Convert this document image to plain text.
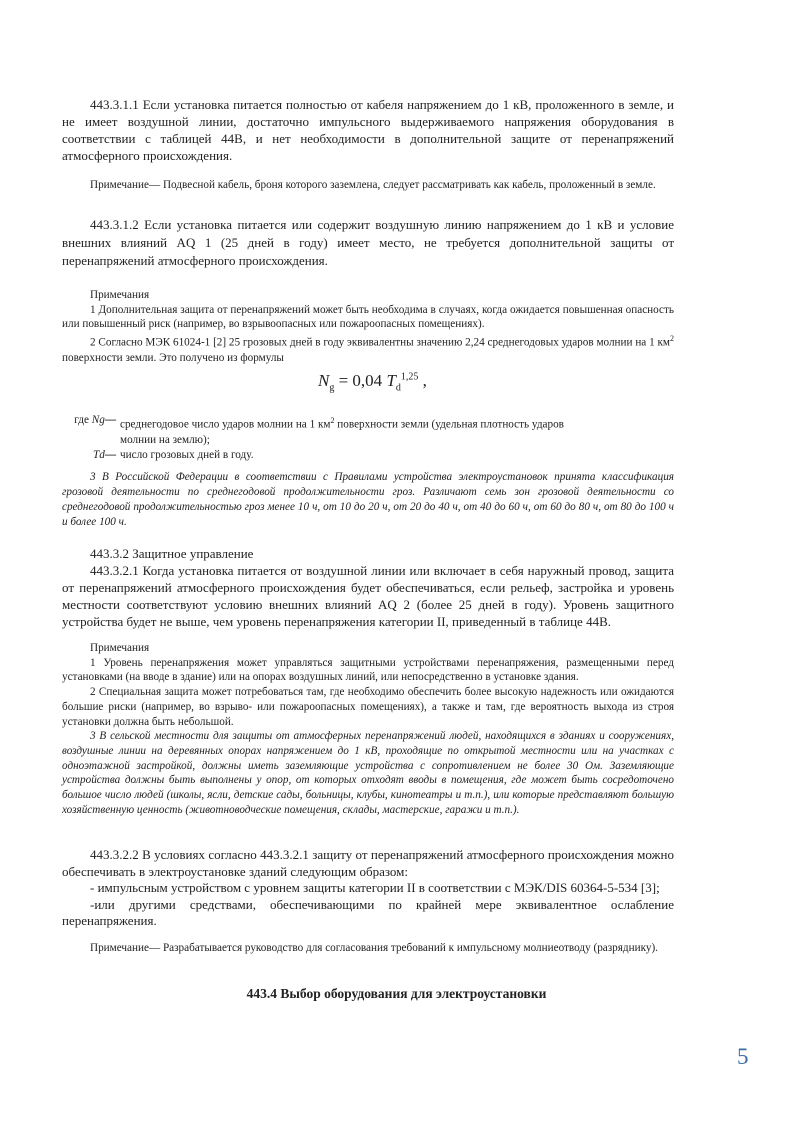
443.3.1.1 Если установка питается полностью от кабеля напряжением до 1 кВ, проложенного в земле, и не имеет воздушной линии, достаточно импульсного выдерживаемого напряжения оборудования в соответствии с таблицей 44В, и нет необходимости в дополнительной защите от перенапряжений атмосферного происхождения.
Примечание— Подвесной кабель, броня которого заземлена, следует рассматривать как кабель, проложенный в земле.
443.3.1.2 Если установка питается или содержит воздушную линию напряжением до 1 кВ и условие внешних влияний AQ 1 (25 дней в году) имеет место, не требуется дополнительной защиты от перенапряжений атмосферного происхождения.
Примечания
1 Дополнительная защита от перенапряжений может быть необходима в случаях, когда ожидается повышенная опасность или повышенный риск (например, во взрывоопасных или пожароопасных помещениях).
2 Согласно МЭК 61024-1 [2] 25 грозовых дней в году эквивалентны значению 2,24 среднегодовых ударов молнии на 1 $км^2$ поверхности земли. Это получено из формулы
$N_g = 0,04$ $T_d^{1,25}$ ,
где Ng— среднегодовое число ударов молнии на 1 $км^2$ поверхности земли (удельная плотность ударов
молнии на землю);
Td— число грозовых дней в году.
3 В Российской Федерации в соответствии с Правилами устройства электроустановок принята классификация грозовой деятельности по среднегодовой продолжительности гроз. Различают семь зон грозовой деятельности со среднегодовой продолжительностью гроз менее 10 ч, от 10 до 20 ч, от 20 до 40 ч, от 40 до 60 ч, от 60 до 80 ч, от 80 до 100 ч и более 100 ч.
443.3.2 Защитное управление
443.3.2.1 Когда установка питается от воздушной линии или включает в себя наружный провод, защита от перенапряжений атмосферного происхождения будет обеспечиваться, если рельеф, застройка и уровень местности соответствуют условию внешних влияний AQ 2 (более 25 дней в году). Уровень защитного устройства будет не выше, чем уровень перенапряжения категории II, приведенный в таблице 44В.
Примечания
1 Уровень перенапряжения может управляться защитными устройствами перенапряжения, размещенными перед установками (на вводе в здание) или на опорах воздушных линий, или непосредственно в установке здания.
2 Специальная защита может потребоваться там, где необходимо обеспечить более высокую надежность или ожидаются большие риски (например, во взрыво- или пожароопасных помещениях), а также и там, где вероятность выхода из строя установки должна быть небольшой.
3 В сельской местности для защиты от атмосферных перенапряжений людей, находящихся в зданиях и сооружениях, воздушные линии на деревянных опорах напряжением до 1 кВ, проходящие по открытой местности или на участках с одноэтажной застройкой, должны иметь заземляющие устройства с сопротивлением не более 30 Ом. Заземляющие устройства должны быть выполнены у опор, от которых отходят вводы в помещения, где может быть сосредоточено большое число людей (школы, ясли, детские сады, больницы, клубы, кинотеатры и т.п.), или которые представляют большую хозяйственную ценность (животноводческие помещения, склады, мастерские, гаражи и т.п.).
443.3.2.2 В условиях согласно 443.3.2.1 защиту от перенапряжений атмосферного происхождения можно обеспечивать в электроустановке зданий следующим образом:
- импульсным устройством с уровнем защиты категории II в соответствии с МЭК/DIS 60364-5-534 [3];
-или другими средствами, обеспечивающими по крайней мере эквивалентное ослабление перенапряжения.
Примечание— Разрабатывается руководство для согласования требований к импульсному молниеотводу (разряднику).
443.4 Выбор оборудования для электроустановки
5
